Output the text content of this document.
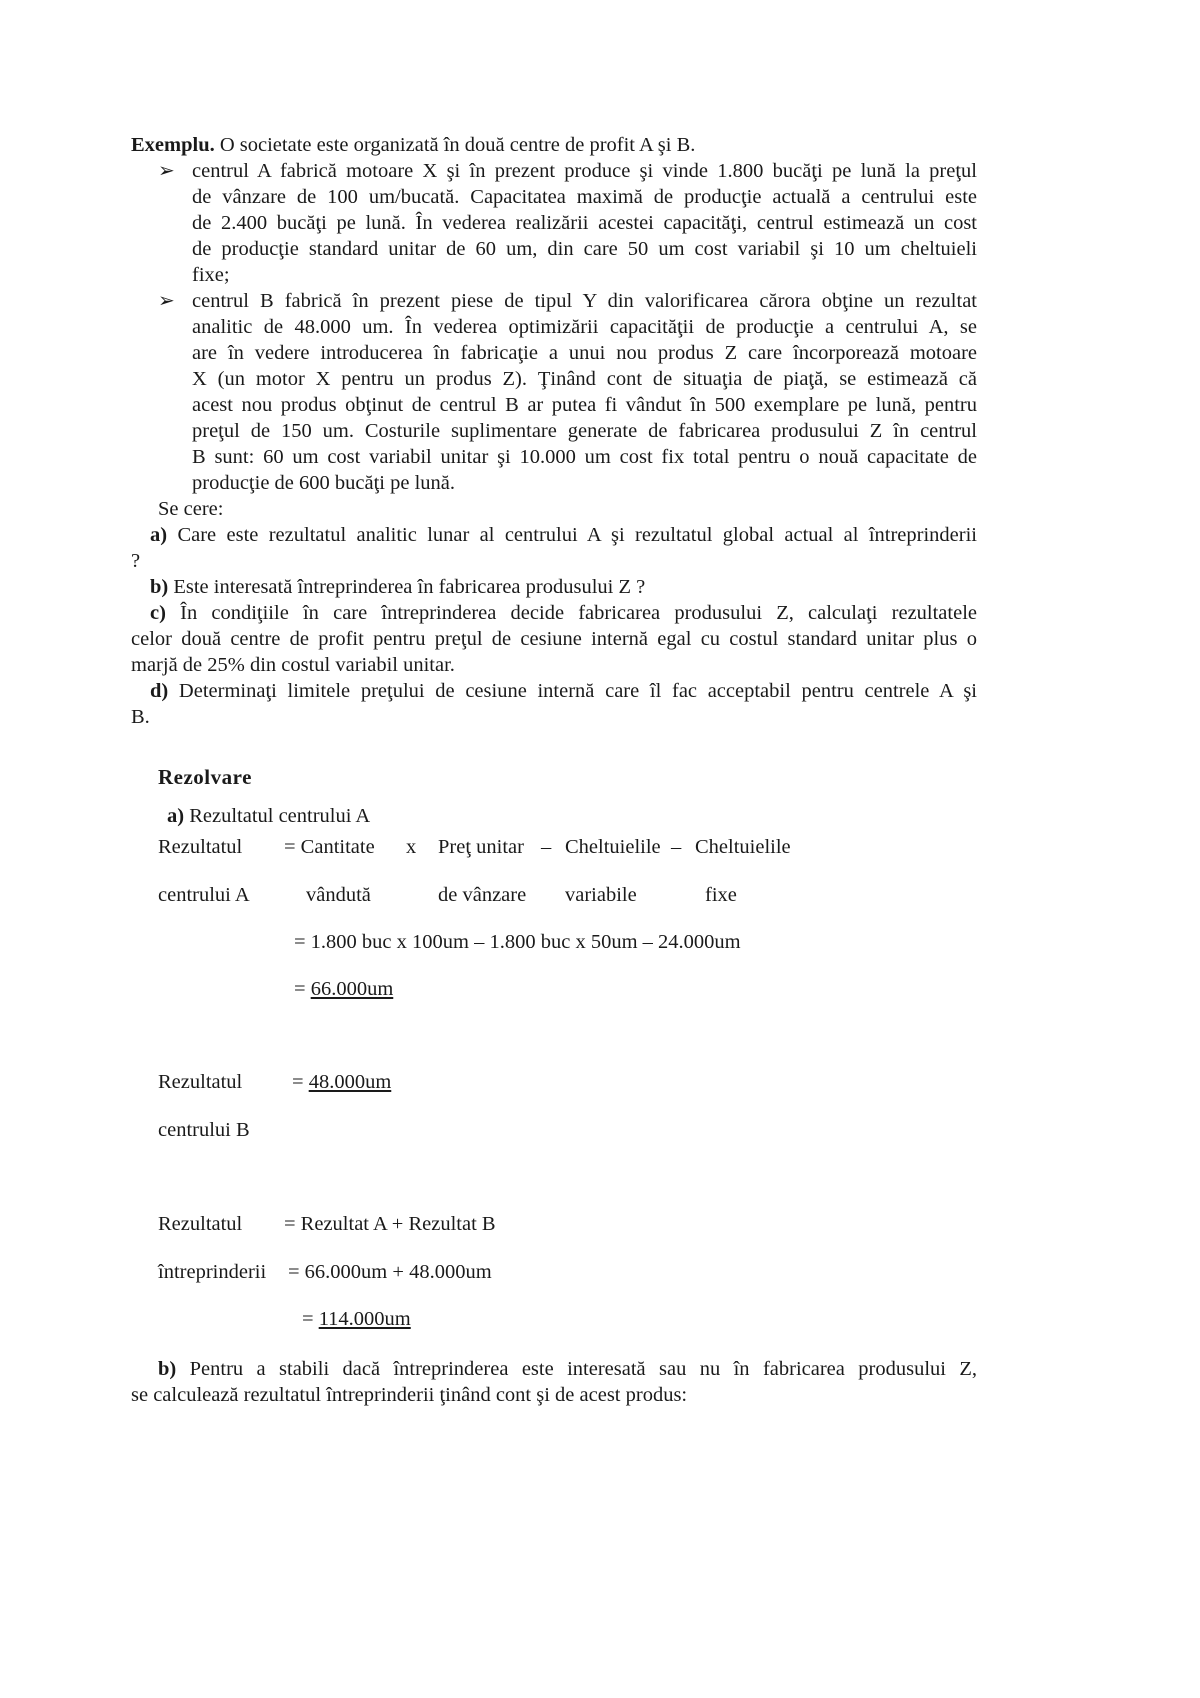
Exemplu. O societate este organizată în două centre de profit A şi B.
➢ centrul A fabrică motoare X şi în prezent produce şi vinde 1.800 bucăţi pe lună la preţul
de vânzare de 100 um/bucată. Capacitatea maximă de producţie actuală a centrului este
de 2.400 bucăţi pe lună. În vederea realizării acestei capacităţi, centrul estimează un cost
de producţie standard unitar de 60 um, din care 50 um cost variabil şi 10 um cheltuieli
fixe;
➢ centrul B fabrică în prezent piese de tipul Y din valorificarea cărora obţine un rezultat
analitic de 48.000 um. În vederea optimizării capacităţii de producţie a centrului A, se
are în vedere introducerea în fabricaţie a unui nou produs Z care încorporează motoare
X (un motor X pentru un produs Z). Ţinând cont de situaţia de piaţă, se estimează că
acest nou produs obţinut de centrul B ar putea fi vândut în 500 exemplare pe lună, pentru
preţul de 150 um. Costurile suplimentare generate de fabricarea produsului Z în centrul
B sunt: 60 um cost variabil unitar şi 10.000 um cost fix total pentru o nouă capacitate de
producţie de 600 bucăţi pe lună.
Se cere:
a) Care este rezultatul analitic lunar al centrului A şi rezultatul global actual al întreprinderii
?
b) Este interesată întreprinderea în fabricarea produsului Z ?
c) În condiţiile în care întreprinderea decide fabricarea produsului Z, calculaţi rezultatele
celor două centre de profit pentru preţul de cesiune internă egal cu costul standard unitar plus o
marjă de 25% din costul variabil unitar.
d) Determinaţi limitele preţului de cesiune internă care îl fac acceptabil pentru centrele A şi
B.
Rezolvare
a) Rezultatul centrului A
Rezultatul = Cantitate x Preţ unitar – Cheltuielile – Cheltuielile
centrului A	vândută	de vânzare variabile	fixe
= 1.800 buc x 100um – 1.800 buc x 50um – 24.000um
= 66.000um
Rezultatul = 48.000um
centrului B
Rezultatul = Rezultat A + Rezultat B
întreprinderii = 66.000um + 48.000um
= 114.000um
b) Pentru a stabili dacă întreprinderea este interesată sau nu în fabricarea produsului Z,
se calculează rezultatul întreprinderii ţinând cont şi de acest produs:
